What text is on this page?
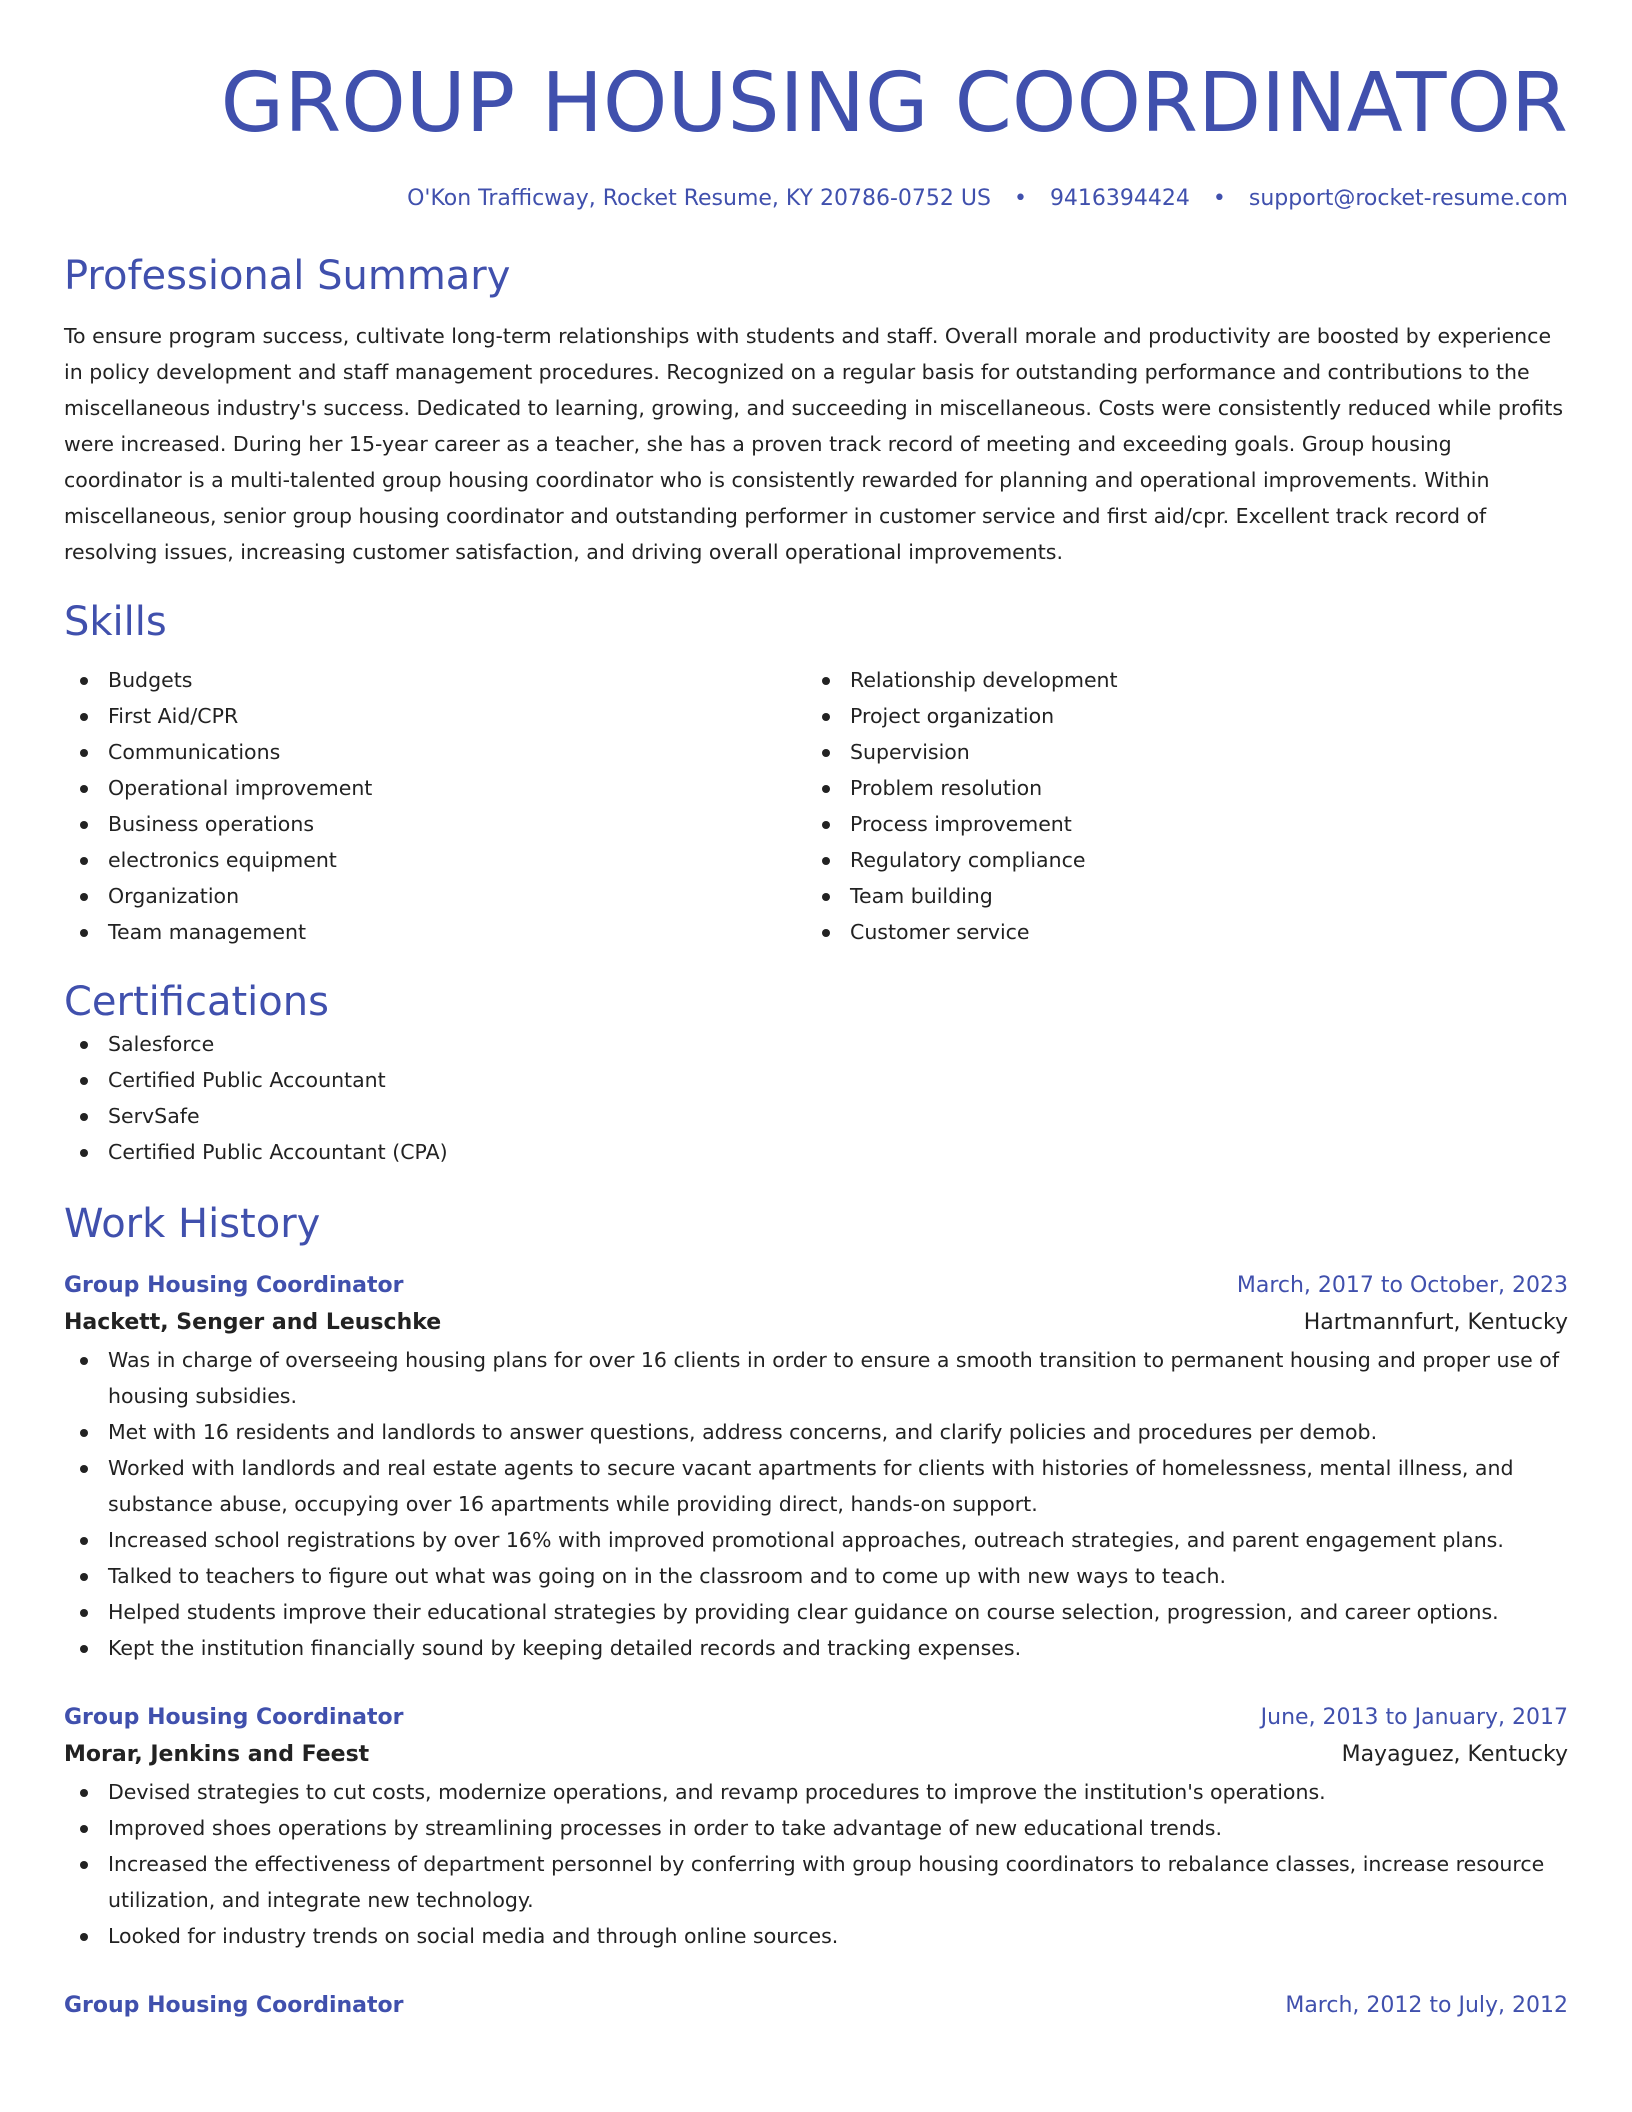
GROUP HOUSING COORDINATOR
O'Kon Trafficway, Rocket Resume, KY 20786-0752 US • 9416394424 • support@rocket-resume.com
Professional Summary

To ensure program success, cultivate long-term relationships with students and staff. Overall morale and productivity are boosted by experience in policy development and staff management procedures. Recognized on a regular basis for outstanding performance and contributions to the miscellaneous industry's success. Dedicated to learning, growing, and succeeding in miscellaneous. Costs were consistently reduced while profits were increased. During her 15-year career as a teacher, she has a proven track record of meeting and exceeding goals. Group housing coordinator is a multi-talented group housing coordinator who is consistently rewarded for planning and operational improvements. Within miscellaneous, senior group housing coordinator and outstanding performer in customer service and first aid/cpr. Excellent track record of resolving issues, increasing customer satisfaction, and driving overall operational improvements.

Skills
Budgets
First Aid/CPR
Communications
Operational improvement
Business operations
electronics equipment
Organization
Team management
Relationship development
Project organization
Supervision
Problem resolution
Process improvement
Regulatory compliance
Team building
Customer service
Certifications
Salesforce
Certified Public Accountant
ServSafe
Certified Public Accountant (CPA)
Work History
Group Housing Coordinator	March, 2017 to October, 2023
Hackett, Senger and Leuschke	Hartmannfurt, Kentucky
Was in charge of overseeing housing plans for over 16 clients in order to ensure a smooth transition to permanent housing and proper use of housing subsidies.
Met with 16 residents and landlords to answer questions, address concerns, and clarify policies and procedures per demob.
Worked with landlords and real estate agents to secure vacant apartments for clients with histories of homelessness, mental illness, and substance abuse, occupying over 16 apartments while providing direct, hands-on support.
Increased school registrations by over 16% with improved promotional approaches, outreach strategies, and parent engagement plans.
Talked to teachers to figure out what was going on in the classroom and to come up with new ways to teach.
Helped students improve their educational strategies by providing clear guidance on course selection, progression, and career options.
Kept the institution financially sound by keeping detailed records and tracking expenses.
Group Housing Coordinator	June, 2013 to January, 2017
Morar, Jenkins and Feest	Mayaguez, Kentucky
Devised strategies to cut costs, modernize operations, and revamp procedures to improve the institution's operations.
Improved shoes operations by streamlining processes in order to take advantage of new educational trends.
Increased the effectiveness of department personnel by conferring with group housing coordinators to rebalance classes, increase resource utilization, and integrate new technology.
Looked for industry trends on social media and through online sources.
Group Housing Coordinator	March, 2012 to July, 2012
